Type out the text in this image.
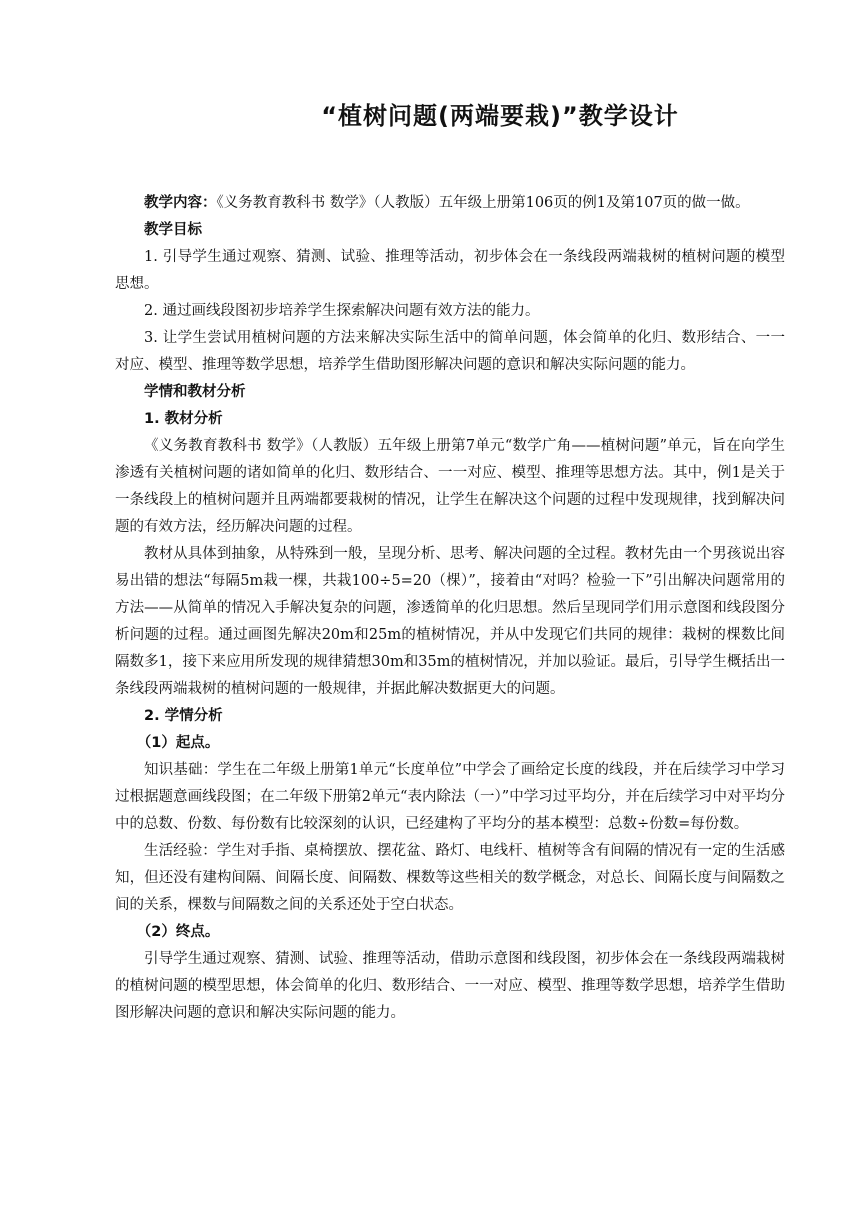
“植树问题(两端要栽)”教学设计

教学内容：《义务教育教科书 数学》（人教版）五年级上册第106页的例1及第107页的做一做。

教学目标

1. 引导学生通过观察、猜测、试验、推理等活动，初步体会在一条线段两端栽树的植树问题的模型思想。

2. 通过画线段图初步培养学生探索解决问题有效方法的能力。

3. 让学生尝试用植树问题的方法来解决实际生活中的简单问题，体会简单的化归、数形结合、一一对应、模型、推理等数学思想，培养学生借助图形解决问题的意识和解决实际问题的能力。

学情和教材分析

1. 教材分析

《义务教育教科书 数学》（人教版）五年级上册第7单元“数学广角——植树问题”单元，旨在向学生渗透有关植树问题的诸如简单的化归、数形结合、一一对应、模型、推理等思想方法。其中，例1是关于一条线段上的植树问题并且两端都要栽树的情况，让学生在解决这个问题的过程中发现规律，找到解决问题的有效方法，经历解决问题的过程。

教材从具体到抽象，从特殊到一般，呈现分析、思考、解决问题的全过程。教材先由一个男孩说出容易出错的想法“每隔5m栽一棵，共栽100÷5=20（棵）”，接着由“对吗？检验一下”引出解决问题常用的方法——从简单的情况入手解决复杂的问题，渗透简单的化归思想。然后呈现同学们用示意图和线段图分析问题的过程。通过画图先解决20m和25m的植树情况，并从中发现它们共同的规律：栽树的棵数比间隔数多1，接下来应用所发现的规律猜想30m和35m的植树情况，并加以验证。最后，引导学生概括出一条线段两端栽树的植树问题的一般规律，并据此解决数据更大的问题。

2. 学情分析

（1）起点。

知识基础：学生在二年级上册第1单元“长度单位”中学会了画给定长度的线段，并在后续学习中学习过根据题意画线段图；在二年级下册第2单元“表内除法（一）”中学习过平均分，并在后续学习中对平均分中的总数、份数、每份数有比较深刻的认识，已经建构了平均分的基本模型：总数÷份数=每份数。

生活经验：学生对手指、桌椅摆放、摆花盆、路灯、电线杆、植树等含有间隔的情况有一定的生活感知，但还没有建构间隔、间隔长度、间隔数、棵数等这些相关的数学概念，对总长、间隔长度与间隔数之间的关系，棵数与间隔数之间的关系还处于空白状态。

（2）终点。

引导学生通过观察、猜测、试验、推理等活动，借助示意图和线段图，初步体会在一条线段两端栽树的植树问题的模型思想，体会简单的化归、数形结合、一一对应、模型、推理等数学思想，培养学生借助图形解决问题的意识和解决实际问题的能力。
